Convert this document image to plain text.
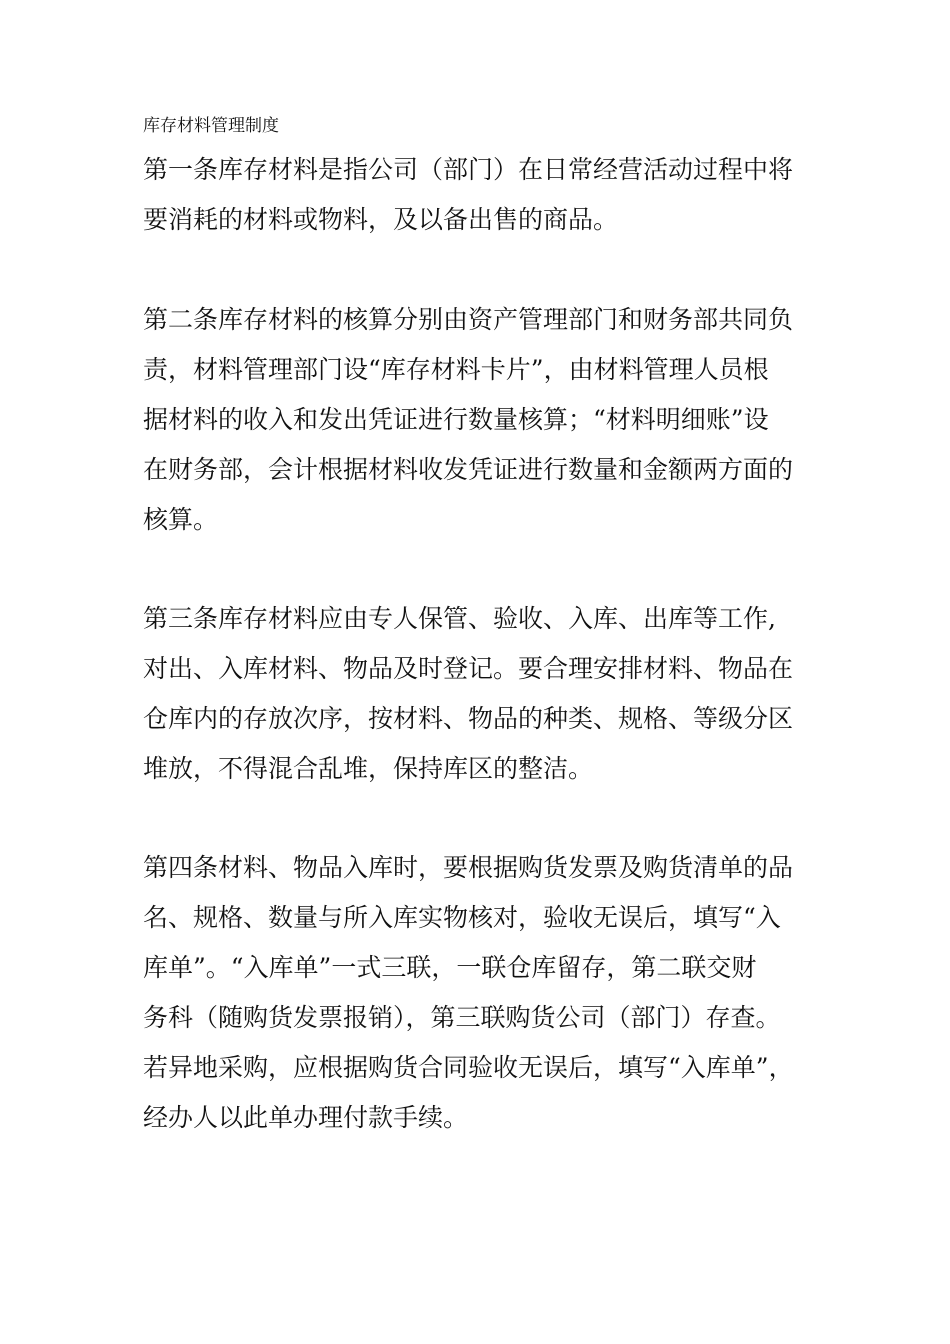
库存材料管理制度

第一条库存材料是指公司（部门）在日常经营活动过程中将

要消耗的材料或物料，及以备出售的商品。

第二条库存材料的核算分别由资产管理部门和财务部共同负

责，材料管理部门设“库存材料卡片”，由材料管理人员根

据材料的收入和发出凭证进行数量核算；“材料明细账”设

在财务部，会计根据材料收发凭证进行数量和金额两方面的

核算。

第三条库存材料应由专人保管、验收、入库、出库等工作,

对出、入库材料、物品及时登记。要合理安排材料、物品在

仓库内的存放次序，按材料、物品的种类、规格、等级分区

堆放，不得混合乱堆，保持库区的整洁。

第四条材料、物品入库时，要根据购货发票及购货清单的品

名、规格、数量与所入库实物核对，验收无误后，填写“入

库单”。“入库单”一式三联，一联仓库留存，第二联交财

务科（随购货发票报销），第三联购货公司（部门）存查。

若异地采购，应根据购货合同验收无误后，填写“入库单”，

经办人以此单办理付款手续。
